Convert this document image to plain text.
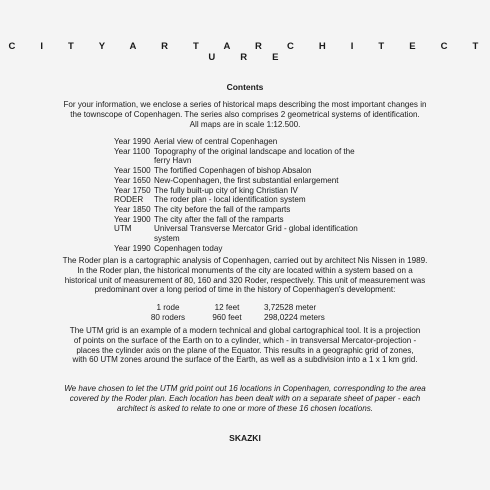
C I T Y A R T A R C H I T E C T U R E
Contents
For your information, we enclose a series of historical maps describing the most important changes in
the townscope of Copenhagen. The series also comprises 2 geometrical systems of identification.
All maps are in scale 1:12.500.
Year 1990 Aerial view of central Copenhagen
Year 1100 Topography of the original landscape and location of the ferry Havn
Year 1500 The fortified Copenhagen of bishop Absalon
Year 1650 New-Copenhagen, the first substantial enlargement
Year 1750 The fully built-up city of king Christian IV
RODER	The roder plan - local identification system
Year 1850 The city before the fall of the ramparts
Year 1900 The city after the fall of the ramparts
UTM	Universal Transverse Mercator Grid - global identification system
Year 1990 Copenhagen today
The Roder plan is a cartographic analysis of Copenhagen, carried out by architect Nis Nissen in 1989.
In the Roder plan, the historical monuments of the city are located within a system based on a
historical unit of measurement of 80, 160 and 320 Roder, respectively. This unit of measurement was
predominant over a long period of time in the history of Copenhagen's development:
1 rode	12 feet	3,72528 meter
80 roders	960 feet	298,0224 meters
The UTM grid is an example of a modern technical and global cartographical tool. It is a projection
of points on the surface of the Earth on to a cylinder, which - in transversal Mercator-projection -
places the cylinder axis on the plane of the Equator. This results in a geographic grid of zones,
with 60 UTM zones around the surface of the Earth, as well as a subdivision into a 1 x 1 km grid.
We have chosen to let the UTM grid point out 16 locations in Copenhagen, corresponding to the area
covered by the Roder plan. Each location has been dealt with on a separate sheet of paper - each
architect is asked to relate to one or more of these 16 chosen locations.
SKAZKI
